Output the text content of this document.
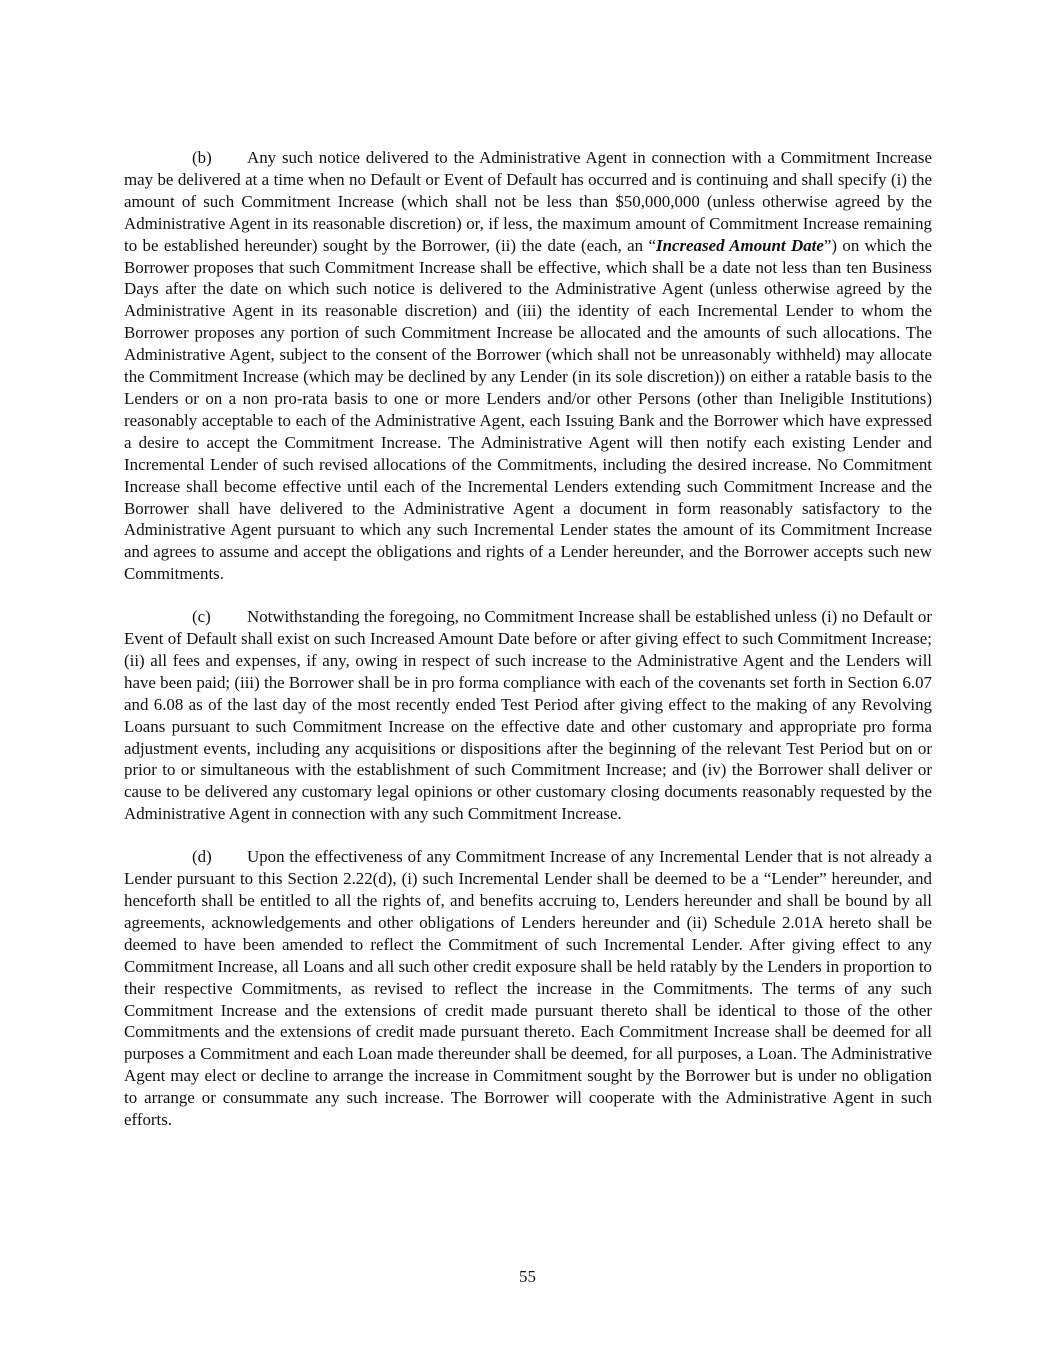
(b) Any such notice delivered to the Administrative Agent in connection with a Commitment Increase may be delivered at a time when no Default or Event of Default has occurred and is continuing and shall specify (i) the amount of such Commitment Increase (which shall not be less than $50,000,000 (unless otherwise agreed by the Administrative Agent in its reasonable discretion) or, if less, the maximum amount of Commitment Increase remaining to be established hereunder) sought by the Borrower, (ii) the date (each, an “Increased Amount Date”) on which the Borrower proposes that such Commitment Increase shall be effective, which shall be a date not less than ten Business Days after the date on which such notice is delivered to the Administrative Agent (unless otherwise agreed by the Administrative Agent in its reasonable discretion) and (iii) the identity of each Incremental Lender to whom the Borrower proposes any portion of such Commitment Increase be allocated and the amounts of such allocations. The Administrative Agent, subject to the consent of the Borrower (which shall not be unreasonably withheld) may allocate the Commitment Increase (which may be declined by any Lender (in its sole discretion)) on either a ratable basis to the Lenders or on a non pro-rata basis to one or more Lenders and/or other Persons (other than Ineligible Institutions) reasonably acceptable to each of the Administrative Agent, each Issuing Bank and the Borrower which have expressed a desire to accept the Commitment Increase. The Administrative Agent will then notify each existing Lender and Incremental Lender of such revised allocations of the Commitments, including the desired increase. No Commitment Increase shall become effective until each of the Incremental Lenders extending such Commitment Increase and the Borrower shall have delivered to the Administrative Agent a document in form reasonably satisfactory to the Administrative Agent pursuant to which any such Incremental Lender states the amount of its Commitment Increase and agrees to assume and accept the obligations and rights of a Lender hereunder, and the Borrower accepts such new Commitments.

(c) Notwithstanding the foregoing, no Commitment Increase shall be established unless (i) no Default or Event of Default shall exist on such Increased Amount Date before or after giving effect to such Commitment Increase; (ii) all fees and expenses, if any, owing in respect of such increase to the Administrative Agent and the Lenders will have been paid; (iii) the Borrower shall be in pro forma compliance with each of the covenants set forth in Section 6.07 and 6.08 as of the last day of the most recently ended Test Period after giving effect to the making of any Revolving Loans pursuant to such Commitment Increase on the effective date and other customary and appropriate pro forma adjustment events, including any acquisitions or dispositions after the beginning of the relevant Test Period but on or prior to or simultaneous with the establishment of such Commitment Increase; and (iv) the Borrower shall deliver or cause to be delivered any customary legal opinions or other customary closing documents reasonably requested by the Administrative Agent in connection with any such Commitment Increase.

(d) Upon the effectiveness of any Commitment Increase of any Incremental Lender that is not already a Lender pursuant to this Section 2.22(d), (i) such Incremental Lender shall be deemed to be a “Lender” hereunder, and henceforth shall be entitled to all the rights of, and benefits accruing to, Lenders hereunder and shall be bound by all agreements, acknowledgements and other obligations of Lenders hereunder and (ii) Schedule 2.01A hereto shall be deemed to have been amended to reflect the Commitment of such Incremental Lender. After giving effect to any Commitment Increase, all Loans and all such other credit exposure shall be held ratably by the Lenders in proportion to their respective Commitments, as revised to reflect the increase in the Commitments. The terms of any such Commitment Increase and the extensions of credit made pursuant thereto shall be identical to those of the other Commitments and the extensions of credit made pursuant thereto. Each Commitment Increase shall be deemed for all purposes a Commitment and each Loan made thereunder shall be deemed, for all purposes, a Loan. The Administrative Agent may elect or decline to arrange the increase in Commitment sought by the Borrower but is under no obligation to arrange or consummate any such increase. The Borrower will cooperate with the Administrative Agent in such efforts.

55
